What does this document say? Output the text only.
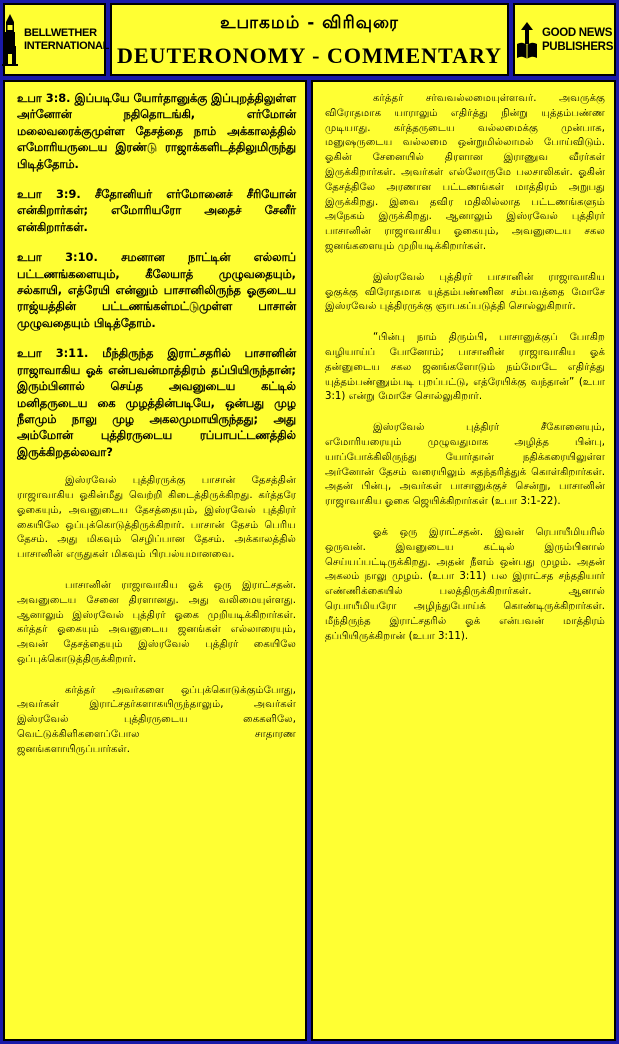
BELLWETHER
INTERNATIONAL
உபாகமம் - விரிவுரை
DEUTERONOMY - COMMENTARY
GOOD NEWS
PUBLISHERS

உபா 3:8. இப்படியே யோர்தானுக்கு இப்புறத்திலுள்ள அர்னோன் நதிதொடங்கி, எர்மோன் மலைவரைக்குமுள்ள தேசத்தை நாம் அக்காலத்தில் எமோரியருடைய இரண்டு ராஜாக்களிடத்திலுமிருந்து பிடித்தோம்.

உபா 3:9. சீதோனியர் எர்மோனைச் சீரியோன் என்கிறார்கள்; எமோரியரோ அதைச் சேனீர் என்கிறார்கள்.

உபா 3:10. சமனான நாட்டின் எல்லாப் பட்டணங்களையும், கீலேயாத் முழுவதையும், சல்காயி, எத்ரேயி என்னும் பாசானிலிருந்த ஓகுடைய ராஜ்யத்தின் பட்டணங்கள்மட்டுமுள்ள பாசான் முழுவதையும் பிடித்தோம்.

உபா 3:11. மீந்திருந்த இராட்சதரில் பாசானின் ராஜாவாகிய ஓக் என்பவன்மாத்திரம் தப்பியிருந்தான்; இரும்பினால் செய்த அவனுடைய கட்டில் மனிதருடைய கை முழத்தின்படியே, ஒன்பது முழ நீளமும் நாலு முழ அகலமுமாயிருந்தது; அது அம்மோன் புத்திரருடைய ரப்பாபட்டணத்தில் இருக்கிறதல்லவா?

இஸ்ரவேல் புத்திரருக்கு பாசான் தேசத்தின் ராஜாவாகிய ஓகின்மீது வெற்றி கிடைத்திருக்கிறது. கர்த்தரே ஓகையும், அவனுடைய தேசத்தையும், இஸ்ரவேல் புத்திரர் கையிலே ஒப்புக்கொடுத்திருக்கிறார். பாசான் தேசம் பெரிய தேசம். அது மிகவும் செழிப்பான தேசம். அக்காலத்தில் பாசானின் எருதுகள் மிகவும் பிரபல்யமானவை.

பாசானின் ராஜாவாகிய ஓக் ஒரு இராட்சதன். அவனுடைய சேனை திரளானது. அது வலிமையுள்ளது. ஆனாலும் இஸ்ரவேல் புத்திரர் ஓகை முறியடிக்கிறார்கள். கர்த்தர் ஓகையும் அவனுடைய ஜனங்கள் எல்லாரையும், அவன் தேசத்தையும் இஸ்ரவேல் புத்திரர் கையிலே ஒப்புக்கொடுத்திருக்கிறார்.

கர்த்தர் அவர்களை ஒப்புக்கொடுக்கும்போது, அவர்கள் இராட்சதர்களாகயிருந்தாலும், அவர்கள் இஸ்ரவேல் புத்திரருடைய கைகளிலே, வெட்டுக்கிளிகளைப்போல சாதாரண ஜனங்களாயிருப்பார்கள்.

கர்த்தர் சர்வவல்லமையுள்ளவர். அவருக்கு விரோதமாக யாராலும் எதிர்த்து நின்று யுத்தம்பண்ண முடியாது. கர்த்தருடைய வல்லமைக்கு முன்பாக, மனுஷருடைய வல்லமை ஒன்றுமில்லாமல் போய்விடும். ஓகின் சேனையில் திரளான இராணுவ வீரர்கள் இருக்கிறார்கள். அவர்கள் எல்லோருமே பலசாலிகள். ஓகின் தேசத்திலே அரணான பட்டணங்கள் மாத்திரம் அறுபது இருக்கிறது. இவை தவிர மதிலில்லாத பட்டணங்களும் அநேகம் இருக்கிறது. ஆனாலும் இஸ்ரவேல் புத்திரர் பாசானின் ராஜாவாகிய ஓகையும், அவனுடைய சகல ஜனங்களையும் முறியடிக்கிறார்கள்.

இஸ்ரவேல் புத்திரர் பாசானின் ராஜாவாகிய ஓகுக்கு விரோதமாக யுத்தம்பண்ணின சம்பவத்தை மோசே இஸ்ரவேல் புத்திரருக்கு ஞாபகப்படுத்தி சொல்லுகிறார்.

“பின்பு நாம் திரும்பி, பாசானுக்குப் போகிற வழியாய்ப் போனோம்; பாசானின் ராஜாவாகிய ஓக் தன்னுடைய சகல ஜனங்களோடும் நம்மோடே எதிர்த்து யுத்தம்பண்ணும்படி புறப்பட்டு, எத்ரேயிக்கு வந்தான்” (உபா 3:1) என்று மோசே சொல்லுகிறார்.

இஸ்ரவேல் புத்திரர் சீகோனையும், எமோரியரையும் முழுவதுமாக அழித்த பின்பு, யாப்போக்கிலிருந்து யோர்தான் நதிக்கரையிலுள்ள அர்னோன் தேசம் வரையிலும் சுதந்தரித்துக் கொள்கிறார்கள். அதன் பின்பு, அவர்கள் பாசானுக்குச் சென்று, பாசானின் ராஜாவாகிய ஓகை ஜெயிக்கிறார்கள் (உபா 3:1-22).

ஓக் ஒரு இராட்சதன். இவன் ரெபாயீமியரில் ஒருவன். இவனுடைய கட்டில் இரும்பினால் செய்யப்பட்டிருக்கிறது. அதன் நீளம் ஒன்பது முழம். அதன் அகலம் நாலு முழம். (உபா 3:11) பல இராட்சத சந்ததியார் எண்ணிக்கையில் பலத்திருக்கிறார்கள். ஆனால் ரெபாயீமியரோ அழிந்துபோய்க் கொண்டிருக்கிறார்கள். மீந்திருந்த இராட்சதரில் ஓக் என்பவன் மாத்திரம் தப்பியிருக்கிறான் (உபா 3:11).
